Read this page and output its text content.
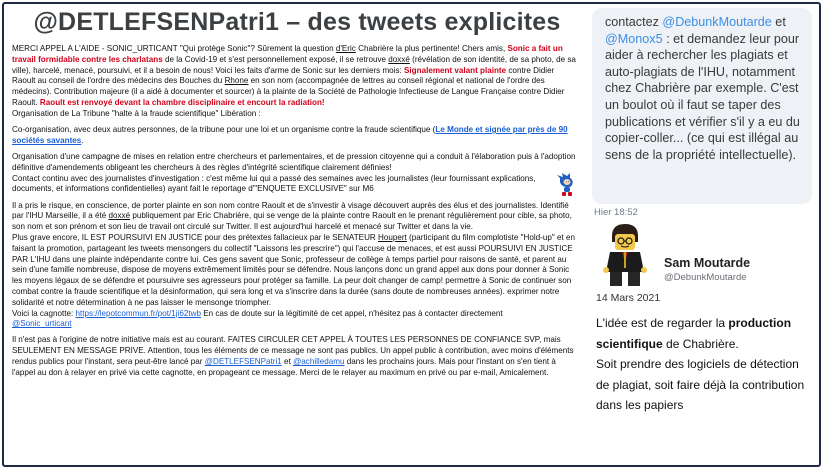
@DETLEFSENPatri1 – des tweets explicites

MERCI APPEL A L'AIDE - SONIC_URTICANT "Qui protège Sonic"? Sûrement la question d'Eric Chabrière la plus pertinente! Chers amis, Sonic a fait un travail formidable contre les charlatans de la Covid-19 et s'est personnellement exposé, il se retrouve doxxé (révélation de son identité, de sa photo, de sa ville), harcelé, menacé, poursuivi, et il a besoin de nous! Voici les faits d'arme de Sonic sur les derniers mois: Signalement valant plainte contre Didier Raoult au conseil de l'ordre des médecins des Bouches du Rhone en son nom (accompagnée de lettres au conseil régional et national de l'ordre des médecins). Contribution majeure (il a aidé à documenter et sourcer) à la plainte de la Société de Pathologie Infectieuse de Langue Française contre Didier Raoult. Raoult est renvoyé devant la chambre disciplinaire et encourt la radiation!
Organisation de La Tribune "halte à la fraude scientifique" Libération :

Co-organisation, avec deux autres personnes, de la tribune pour une loi et un organisme contre la fraude scientifique (Le Monde et signée par près de 90 sociétés savantes.

Organisation d'une campagne de mises en relation entre chercheurs et parlementaires, et de pression citoyenne qui a conduit à l'élaboration puis à l'adoption définitive d'amendements obligeant les chercheurs à des règles d'intégrité scientifique clairement définies!
Contact continu avec des journalistes d'investigation : c'est même lui qui a passé des semaines avec les journalistes (leur fournissant explications, documents, et informations confidentielles) ayant fait le reportage d'"ENQUETE EXCLUSIVE" sur M6

Il a pris le risque, en conscience, de porter plainte en son nom contre Raoult et de s'investir à visage découvert auprès des élus et des journalistes. Identifié par l'IHU Marseille, il a été doxxé publiquement par Eric Chabrière, qui se venge de la plainte contre Raoult en le prenant régulièrement pour cible, sa photo, son nom et son prénom et son lieu de travail ont circulé sur Twitter. Il est aujourd'hui harcelé et menacé sur Twitter et dans la vie.
Plus grave encore, IL EST POURSUIVI EN JUSTICE pour des prétextes fallacieux par le SENATEUR Houpert (participant du film complotiste "Hold-up" et en faisant la promotion, partageant les tweets mensongers du collectif "Laissons les prescrire") qui l'accuse de menaces, et est aussi POURSUIVI EN JUSTICE PAR L'IHU dans une plainte indépendante contre lui. Ces gens savent que Sonic, professeur de collège à temps partiel pour raisons de santé, et parent au sein d'une famille nombreuse, dispose de moyens extrêmement limités pour se défendre. Nous lançons donc un grand appel aux dons pour donner à Sonic les moyens légaux de se défendre et poursuivre ses agresseurs pour protéger sa famille. La peur doit changer de camp! permettre à Sonic de continuer son combat contre la fraude scientifique et la désinformation, qui sera long et va s'inscrire dans la durée (sans doute de nombreuses années). exprimer notre solidarité et notre détermination à ne pas laisser le mensonge triompher.
Voici la cagnotte: https://lepotcommun.fr/pot/1ji62twb En cas de doute sur la légitimité de cet appel, n'hésitez pas à contacter directement
@Sonic_urticant

Il n'est pas à l'origine de notre initiative mais est au courant. FAITES CIRCULER CET APPEL À TOUTES LES PERSONNES DE CONFIANCE SVP, mais SEULEMENT EN MESSAGE PRIVE. Attention, tous les éléments de ce message ne sont pas publics. Un appel public à contribution, avec moins d'éléments rendus publics pour l'instant, sera peut-être lancé par @DETLEFSENPatri1 et @achilledamu dans les prochains jours. Mais pour l'instant on s'en tient à l'appel au don à relayer en privé via cette cagnotte, en propageant ce message. Merci de le relayer au maximum en privé ou par e-mail, Amicalement.

contactez @DebunkMoutarde et @Monox5 : et demandez leur pour aider à rechercher les plagiats et auto-plagiats de l'IHU, notamment chez Chabrière par exemple. C'est un boulot où il faut se taper des publications et vérifier s'il y a eu du copier-coller... (ce qui est illégal au sens de la propriété intellectuelle).
Hier 18:52
Sam Moutarde
@DebunkMoutarde
14 Mars 2021
L'idée est de regarder la production scientifique de Chabrière.
Soit prendre des logiciels de détection de plagiat, soit faire déjà la contribution dans les papiers
